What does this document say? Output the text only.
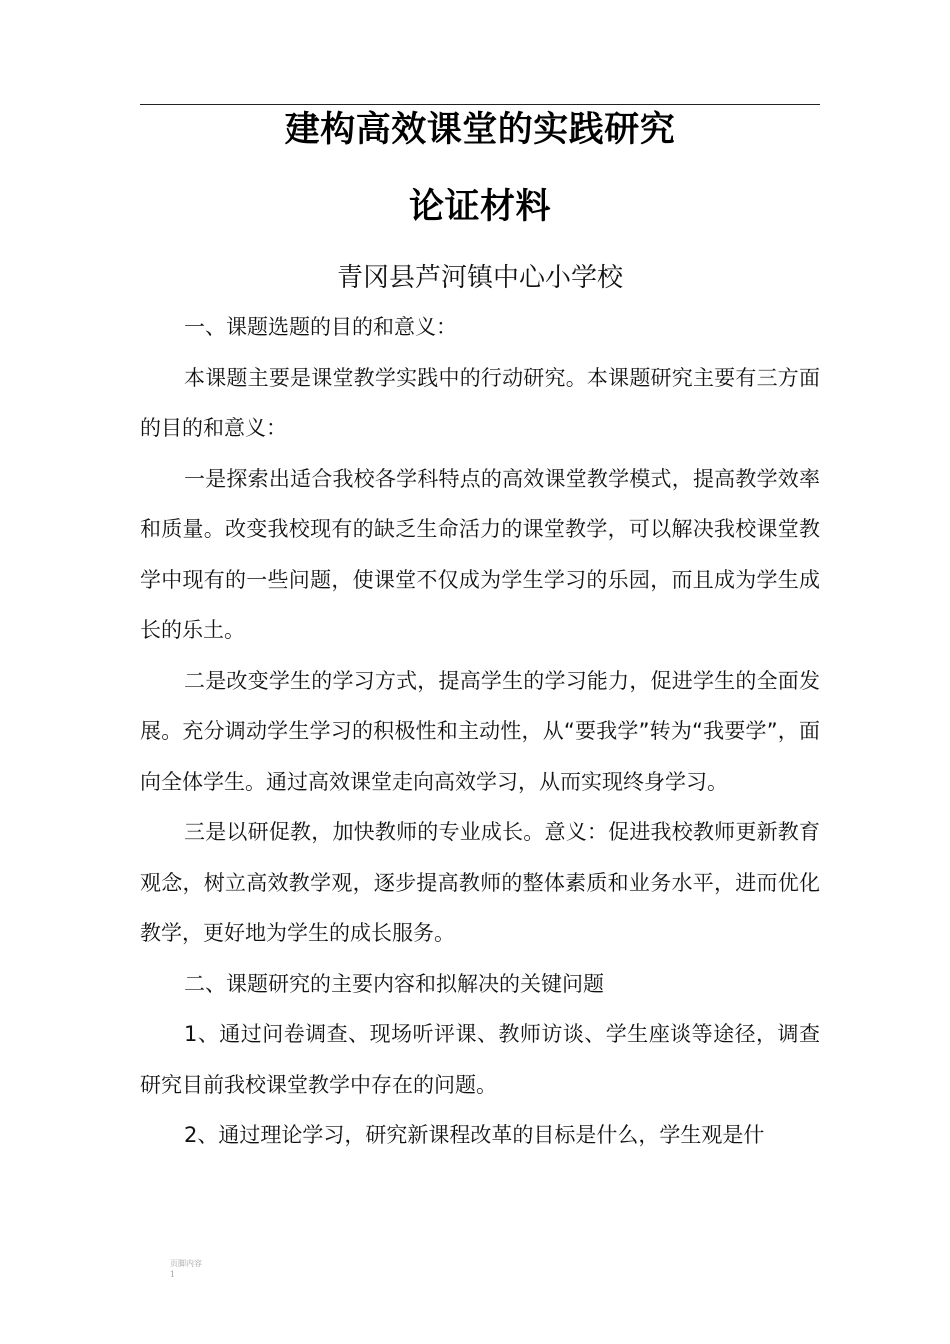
建构高效课堂的实践研究
论证材料
青冈县芦河镇中心小学校

一、课题选题的目的和意义：

本课题主要是课堂教学实践中的行动研究。本课题研究主要有三方面的目的和意义：

一是探索出适合我校各学科特点的高效课堂教学模式，提高教学效率和质量。改变我校现有的缺乏生命活力的课堂教学，可以解决我校课堂教学中现有的一些问题，使课堂不仅成为学生学习的乐园，而且成为学生成长的乐土。

二是改变学生的学习方式，提高学生的学习能力，促进学生的全面发展。充分调动学生学习的积极性和主动性，从“要我学”转为“我要学”，面向全体学生。通过高效课堂走向高效学习，从而实现终身学习。

三是以研促教，加快教师的专业成长。意义：促进我校教师更新教育观念，树立高效教学观，逐步提高教师的整体素质和业务水平，进而优化教学，更好地为学生的成长服务。

二、课题研究的主要内容和拟解决的关键问题

1、通过问卷调查、现场听评课、教师访谈、学生座谈等途径，调查研究目前我校课堂教学中存在的问题。

2、通过理论学习，研究新课程改革的目标是什么，学生观是什

页脚内容1
